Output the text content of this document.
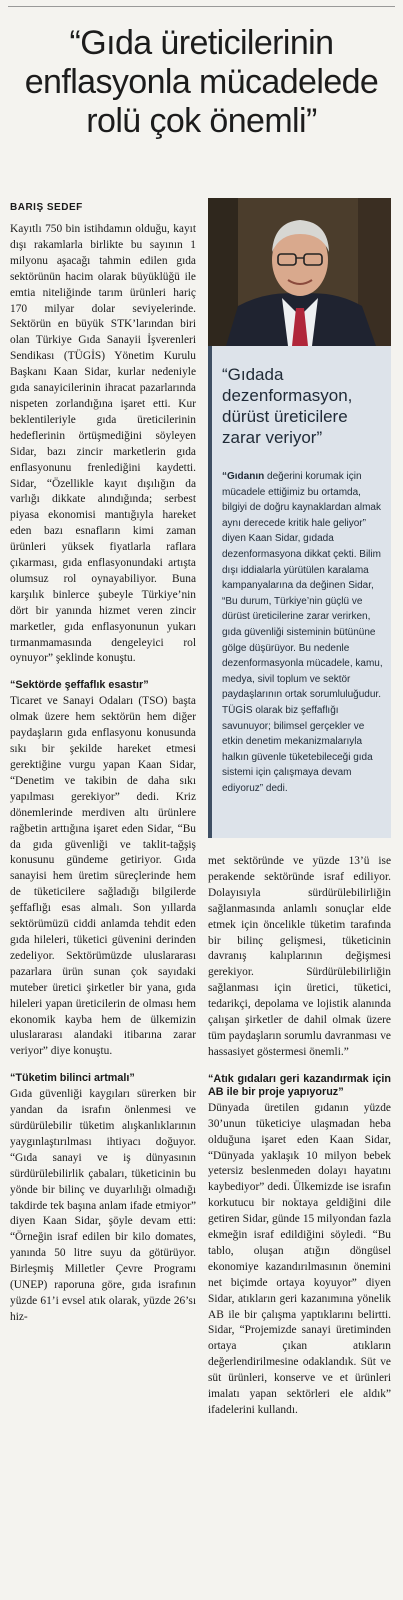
“Gıda üreticilerinin enflasyonla mücadelede rolü çok önemli”
BARIŞ SEDEF

Kayıtlı 750 bin istihdamın olduğu, kayıt dışı rakamlarla birlikte bu sayının 1 milyonu aşacağı tahmin edilen gıda sektörünün hacim olarak büyüklüğü ile emtia niteliğinde tarım ürünleri hariç 170 milyar dolar seviyelerinde. Sektörün en büyük STK’larından biri olan Türkiye Gıda Sanayii İşverenleri Sendikası (TÜGİS) Yönetim Kurulu Başkanı Kaan Sidar, kurlar nedeniyle gıda sanayicilerinin ihracat pazarlarında nispeten zorlandığına işaret etti. Kur beklentileriyle gıda üreticilerinin hedeflerinin örtüşmediğini söyleyen Sidar, bazı zincir marketlerin gıda enflasyonunu frenlediğini kaydetti. Sidar, “Özellikle kayıt dışılığın da varlığı dikkate alındığında; serbest piyasa ekonomisi mantığıyla hareket eden bazı esnafların kimi zaman ürünleri yüksek fiyatlarla raflara çıkarması, gıda enflasyonundaki artışta olumsuz rol oynayabiliyor. Buna karşılık binlerce şubeyle Türkiye’nin dört bir yanında hizmet veren zincir marketler, gıda enflasyonunun yukarı tırmanmamasında dengeleyici rol oynuyor” şeklinde konuştu.

“Sektörde şeffaflık esastır”

Ticaret ve Sanayi Odaları (TSO) başta olmak üzere hem sektörün hem diğer paydaşların gıda enflasyonu konusunda sıkı bir şekilde hareket etmesi gerektiğine vurgu yapan Kaan Sidar, “Denetim ve takibin de daha sıkı yapılması gerekiyor” dedi. Kriz dönemlerinde merdiven altı ürünlere rağbetin arttığına işaret eden Sidar, “Bu da gıda güvenliği ve taklit-tağşiş konusunu gündeme getiriyor. Gıda sanayisi hem üretim süreçlerinde hem de tüketicilere sağladığı bilgilerde şeffaflığı esas almalı. Son yıllarda sektörümüzü ciddi anlamda tehdit eden gıda hileleri, tüketici güvenini derinden zedeliyor. Sektörümüzde uluslararası pazarlara ürün sunan çok sayıdaki muteber üretici şirketler bir yana, gıda hileleri yapan üreticilerin de olması hem ekonomik kayba hem de ülkemizin uluslararası alandaki itibarına zarar veriyor” diye konuştu.

“Tüketim bilinci artmalı”

Gıda güvenliği kaygıları sürerken bir yandan da israfın önlenmesi ve sürdürülebilir tüketim alışkanlıklarının yaygınlaştırılması ihtiyacı doğuyor. “Gıda sanayi ve iş dünyasının sürdürülebilirlik çabaları, tüketicinin bu yönde bir bilinç ve duyarlılığı olmadığı takdirde tek başına anlam ifade etmiyor” diyen Kaan Sidar, şöyle devam etti: “Örneğin israf edilen bir kilo domates, yanında 50 litre suyu da götürüyor. Birleşmiş Milletler Çevre Programı (UNEP) raporuna göre, gıda israfının yüzde 61’i evsel atık olarak, yüzde 26’sı hiz-

“Gıdada dezenformasyon, dürüst üreticilere zarar veriyor”
“Gıdanın değerini korumak için mücadele ettiğimiz bu ortamda, bilgiyi de doğru kaynaklardan almak aynı derecede kritik hale geliyor” diyen Kaan Sidar, gıdada dezenformasyona dikkat çekti. Bilim dışı iddialarla yürütülen karalama kampanyalarına da değinen Sidar, “Bu durum, Türkiye’nin güçlü ve dürüst üreticilerine zarar verirken, gıda güvenliği sisteminin bütününe gölge düşürüyor. Bu nedenle dezenformasyonla mücadele, kamu, medya, sivil toplum ve sektör paydaşlarının ortak sorumluluğudur. TÜGİS olarak biz şeffaflığı savunuyor; bilimsel gerçekler ve etkin denetim mekanizmalarıyla halkın güvenle tüketebileceği gıda sistemi için çalışmaya devam ediyoruz” dedi.

met sektöründe ve yüzde 13’ü ise perakende sektöründe israf ediliyor. Dolayısıyla sürdürülebilirliğin sağlanmasında anlamlı sonuçlar elde etmek için öncelikle tüketim tarafında bir bilinç gelişmesi, tüketicinin davranış kalıplarının değişmesi gerekiyor. Sürdürülebilirliğin sağlanması için üretici, tüketici, tedarikçi, depolama ve lojistik alanında çalışan şirketler de dahil olmak üzere tüm paydaşların sorumlu davranması ve hassasiyet göstermesi önemli.”

“Atık gıdaları geri kazandırmak için AB ile bir proje yapıyoruz”

Dünyada üretilen gıdanın yüzde 30’unun tüketiciye ulaşmadan heba olduğuna işaret eden Kaan Sidar, “Dünyada yaklaşık 10 milyon bebek yetersiz beslenmeden dolayı hayatını kaybediyor” dedi. Ülkemizde ise israfın korkutucu bir noktaya geldiğini dile getiren Sidar, günde 15 milyondan fazla ekmeğin israf edildiğini söyledi. “Bu tablo, oluşan atığın döngüsel ekonomiye kazandırılmasının önemini net biçimde ortaya koyuyor” diyen Sidar, atıkların geri kazanımına yönelik AB ile bir çalışma yaptıklarını belirtti. Sidar, “Projemizde sanayi üretiminden ortaya çıkan atıkların değerlendirilmesine odaklandık. Süt ve süt ürünleri, konserve ve et ürünleri imalatı yapan sektörleri ele aldık” ifadelerini kullandı.
